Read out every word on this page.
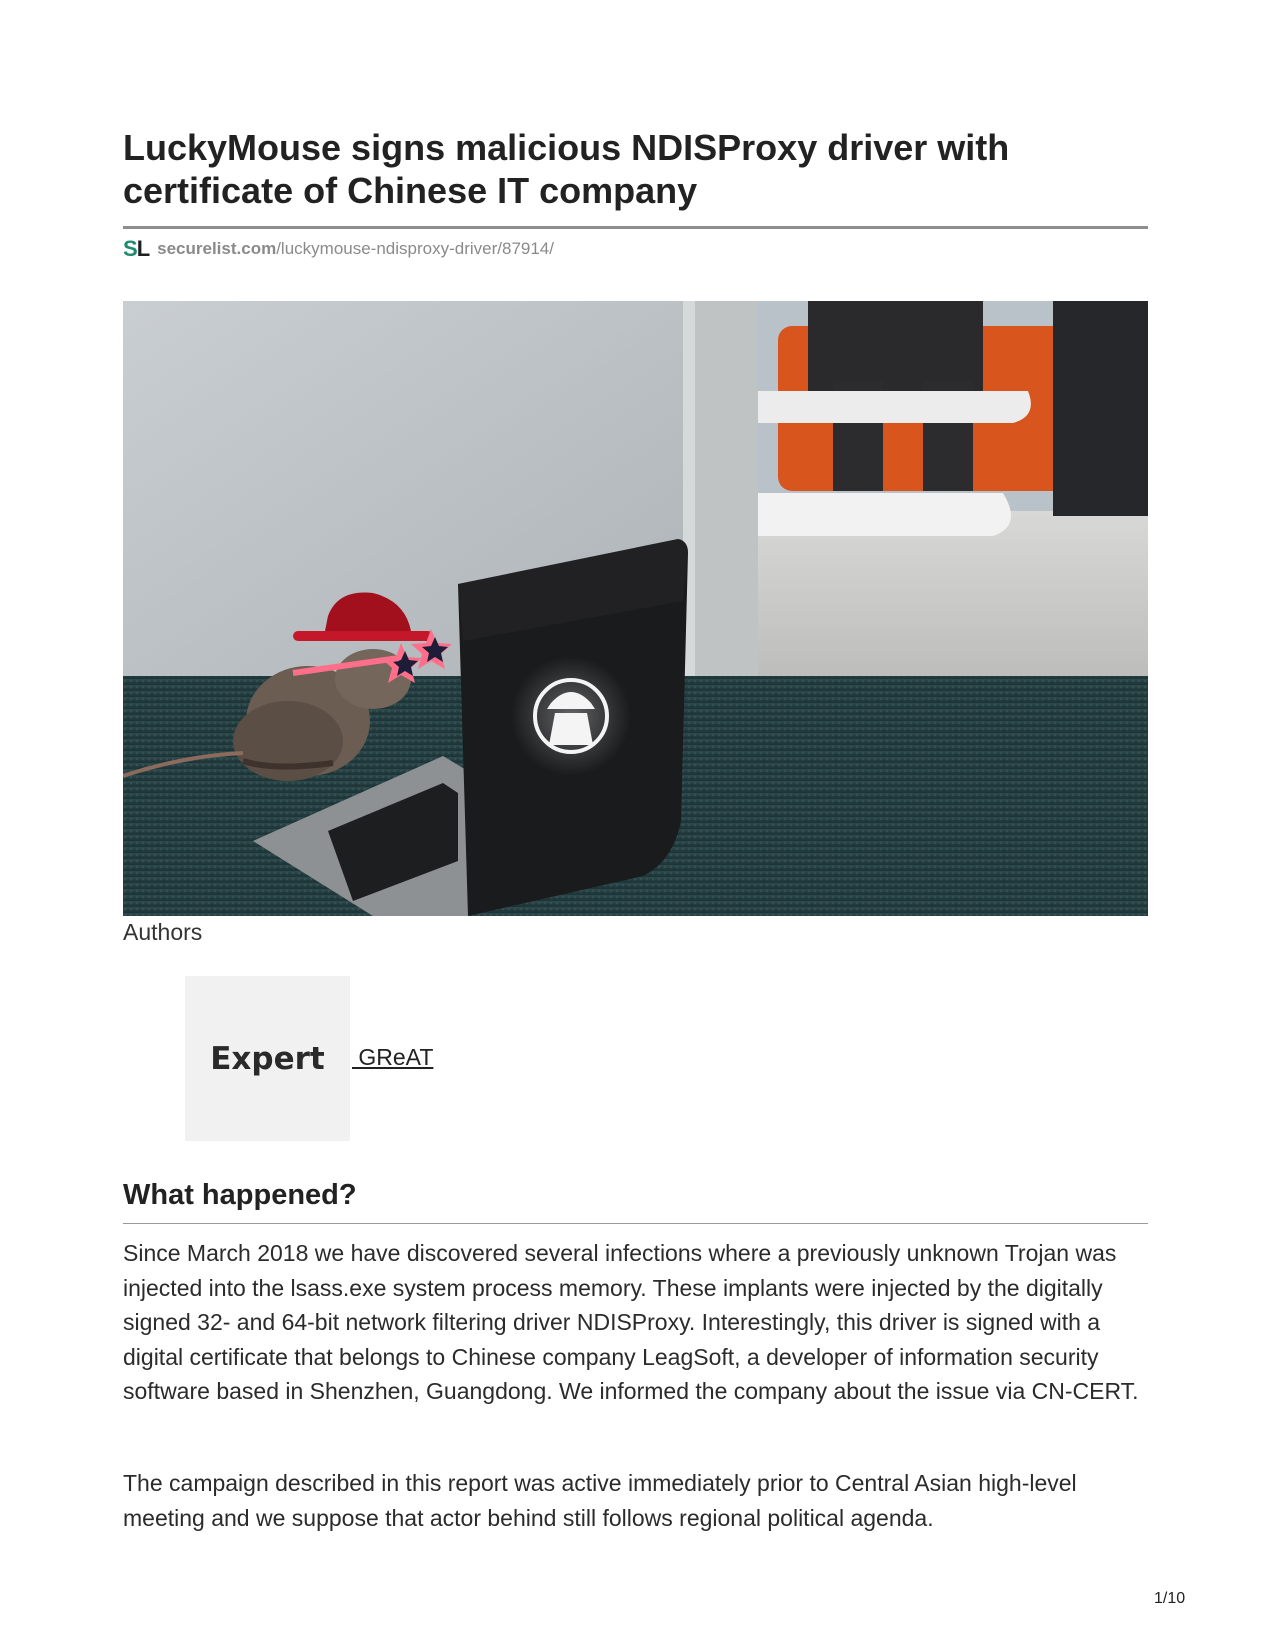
LuckyMouse signs malicious NDISProxy driver with certificate of Chinese IT company
SL securelist.com/luckymouse-ndisproxy-driver/87914/
Authors
Expert GReAT
What happened?

Since March 2018 we have discovered several infections where a previously unknown Trojan was injected into the lsass.exe system process memory. These implants were injected by the digitally signed 32- and 64-bit network filtering driver NDISProxy. Interestingly, this driver is signed with a digital certificate that belongs to Chinese company LeagSoft, a developer of information security software based in Shenzhen, Guangdong. We informed the company about the issue via CN-CERT.

The campaign described in this report was active immediately prior to Central Asian high-level meeting and we suppose that actor behind still follows regional political agenda.

1/10
